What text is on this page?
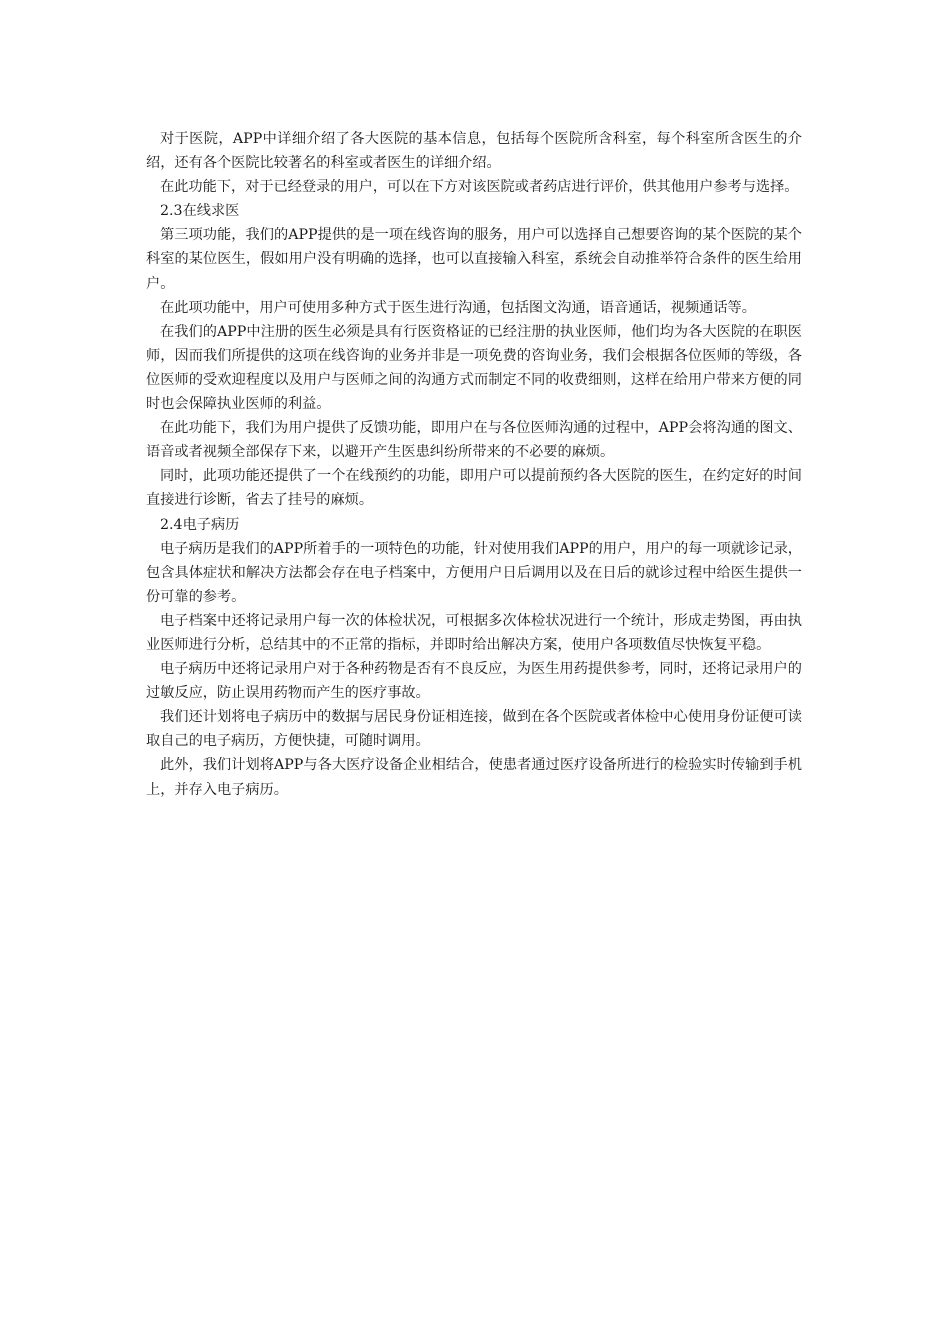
对于医院，APP中详细介绍了各大医院的基本信息，包括每个医院所含科室，每个科室所含医生的介绍，还有各个医院比较著名的科室或者医生的详细介绍。

在此功能下，对于已经登录的用户，可以在下方对该医院或者药店进行评价，供其他用户参考与选择。

2.3在线求医

第三项功能，我们的APP提供的是一项在线咨询的服务，用户可以选择自己想要咨询的某个医院的某个科室的某位医生，假如用户没有明确的选择，也可以直接输入科室，系统会自动推举符合条件的医生给用户。

在此项功能中，用户可使用多种方式于医生进行沟通，包括图文沟通，语音通话，视频通话等。

在我们的APP中注册的医生必须是具有行医资格证的已经注册的执业医师，他们均为各大医院的在职医师，因而我们所提供的这项在线咨询的业务并非是一项免费的咨询业务，我们会根据各位医师的等级，各位医师的受欢迎程度以及用户与医师之间的沟通方式而制定不同的收费细则，这样在给用户带来方便的同时也会保障执业医师的利益。

在此功能下，我们为用户提供了反馈功能，即用户在与各位医师沟通的过程中，APP会将沟通的图文、语音或者视频全部保存下来，以避开产生医患纠纷所带来的不必要的麻烦。

同时，此项功能还提供了一个在线预约的功能，即用户可以提前预约各大医院的医生，在约定好的时间直接进行诊断，省去了挂号的麻烦。

2.4电子病历

电子病历是我们的APP所着手的一项特色的功能，针对使用我们APP的用户，用户的每一项就诊记录，包含具体症状和解决方法都会存在电子档案中，方便用户日后调用以及在日后的就诊过程中给医生提供一份可靠的参考。

电子档案中还将记录用户每一次的体检状况，可根据多次体检状况进行一个统计，形成走势图，再由执业医师进行分析，总结其中的不正常的指标，并即时给出解决方案，使用户各项数值尽快恢复平稳。

电子病历中还将记录用户对于各种药物是否有不良反应，为医生用药提供参考，同时，还将记录用户的过敏反应，防止误用药物而产生的医疗事故。

我们还计划将电子病历中的数据与居民身份证相连接，做到在各个医院或者体检中心使用身份证便可读取自己的电子病历，方便快捷，可随时调用。

此外，我们计划将APP与各大医疗设备企业相结合，使患者通过医疗设备所进行的检验实时传输到手机上，并存入电子病历。
